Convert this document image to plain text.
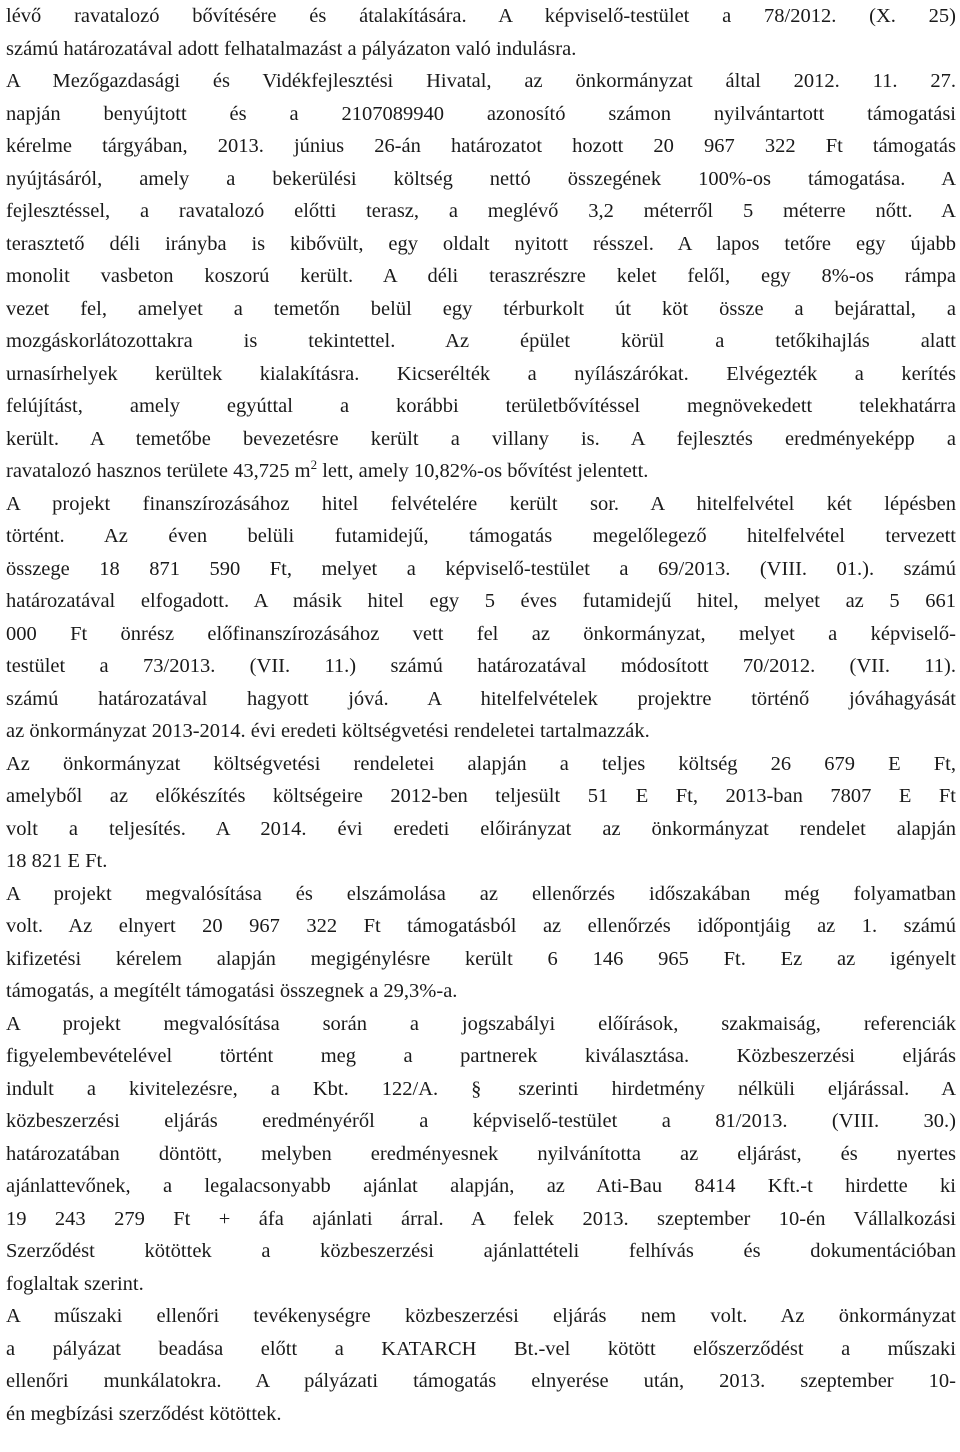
lévő ravatalozó bővítésére és átalakítására. A képviselő-testület a 78/2012. (X. 25)
számú határozatával adott felhatalmazást a pályázaton való indulásra.
A Mezőgazdasági és Vidékfejlesztési Hivatal, az önkormányzat által 2012. 11. 27.
napján benyújtott és a 2107089940 azonosító számon nyilvántartott támogatási
kérelme tárgyában, 2013. június 26-án határozatot hozott 20 967 322 Ft támogatás
nyújtásáról, amely a bekerülési költség nettó összegének 100%-os támogatása. A
fejlesztéssel, a ravatalozó előtti terasz, a meglévő 3,2 méterről 5 méterre nőtt. A
terasztető déli irányba is kibővült, egy oldalt nyitott résszel. A lapos tetőre egy újabb
monolit vasbeton koszorú került. A déli teraszrészre kelet felől, egy 8%-os rámpa
vezet fel, amelyet a temetőn belül egy térburkolt út köt össze a bejárattal, a
mozgáskorlátozottakra is tekintettel. Az épület körül a tetőkihajlás alatt
urnasírhelyek kerültek kialakításra. Kicserélték a nyílászárókat. Elvégezték a kerítés
felújítást, amely egyúttal a korábbi területbővítéssel megnövekedett telekhatárra
került. A temetőbe bevezetésre került a villany is. A fejlesztés eredményeképp a
ravatalozó hasznos területe 43,725 $m^2$ lett, amely 10,82%-os bővítést jelentett.
A projekt finanszírozásához hitel felvételére került sor. A hitelfelvétel két lépésben
történt. Az éven belüli futamidejű, támogatás megelőlegező hitelfelvétel tervezett
összege 18 871 590 Ft, melyet a képviselő-testület a 69/2013. (VIII. 01.). számú
határozatával elfogadott. A másik hitel egy 5 éves futamidejű hitel, melyet az 5 661
000 Ft önrész előfinanszírozásához vett fel az önkormányzat, melyet a képviselő-
testület a 73/2013. (VII. 11.) számú határozatával módosított 70/2012. (VII. 11).
számú határozatával hagyott jóvá. A hitelfelvételek projektre történő jóváhagyását
az önkormányzat 2013-2014. évi eredeti költségvetési rendeletei tartalmazzák.
Az önkormányzat költségvetési rendeletei alapján a teljes költség 26 679 E Ft,
amelyből az előkészítés költségeire 2012-ben teljesült 51 E Ft, 2013-ban 7807 E Ft
volt a teljesítés. A 2014. évi eredeti előirányzat az önkormányzat rendelet alapján
18 821 E Ft.
A projekt megvalósítása és elszámolása az ellenőrzés időszakában még folyamatban
volt. Az elnyert 20 967 322 Ft támogatásból az ellenőrzés időpontjáig az 1. számú
kifizetési kérelem alapján megigénylésre került 6 146 965 Ft. Ez az igényelt
támogatás, a megítélt támogatási összegnek a 29,3%-a.
A projekt megvalósítása során a jogszabályi előírások, szakmaiság, referenciák
figyelembevételével történt meg a partnerek kiválasztása. Közbeszerzési eljárás
indult a kivitelezésre, a Kbt. 122/A. § szerinti hirdetmény nélküli eljárással. A
közbeszerzési eljárás eredményéről a képviselő-testület a 81/2013. (VIII. 30.)
határozatában döntött, melyben eredményesnek nyilvánította az eljárást, és nyertes
ajánlattevőnek, a legalacsonyabb ajánlat alapján, az Ati-Bau 8414 Kft.-t hirdette ki
19 243 279 Ft + áfa ajánlati árral. A felek 2013. szeptember 10-én Vállalkozási
Szerződést kötöttek a közbeszerzési ajánlattételi felhívás és dokumentációban
foglaltak szerint.
A műszaki ellenőri tevékenységre közbeszerzési eljárás nem volt. Az önkormányzat
a pályázat beadása előtt a KATARCH Bt.-vel kötött előszerződést a műszaki
ellenőri munkálatokra. A pályázati támogatás elnyerése után, 2013. szeptember 10-
én megbízási szerződést kötöttek.
